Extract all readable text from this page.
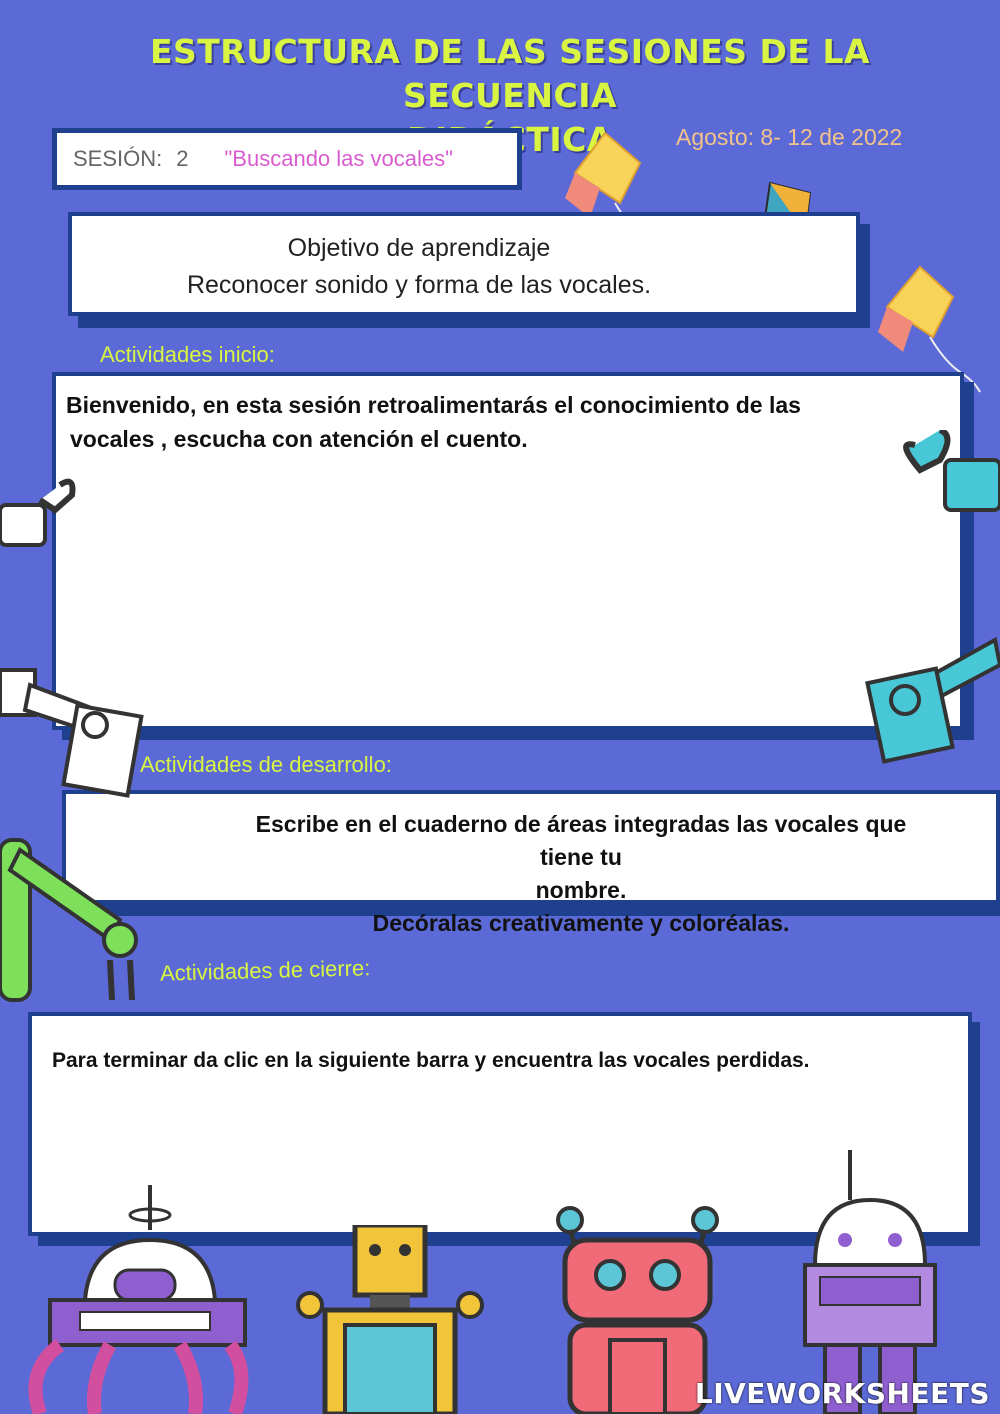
ESTRUCTURA DE LAS SESIONES DE LA SECUENCIA
SESIÓN: 2 "Buscando las vocales"
Agosto: 8- 12 de 2022
Objetivo de aprendizaje
Reconocer sonido y forma de las vocales.
Actividades inicio:
Bienvenido, en esta sesión retroalimentarás el conocimiento de las
vocales , escucha con atención el cuento.
Actividades de desarrollo:
Escribe en el cuaderno de áreas integradas las vocales que tiene tu
nombre.
Decóralas creativamente y coloréalas.
Actividades de cierre:
Para terminar da clic en la siguiente barra y encuentra las vocales perdidas.
LIVEWORKSHEETS
